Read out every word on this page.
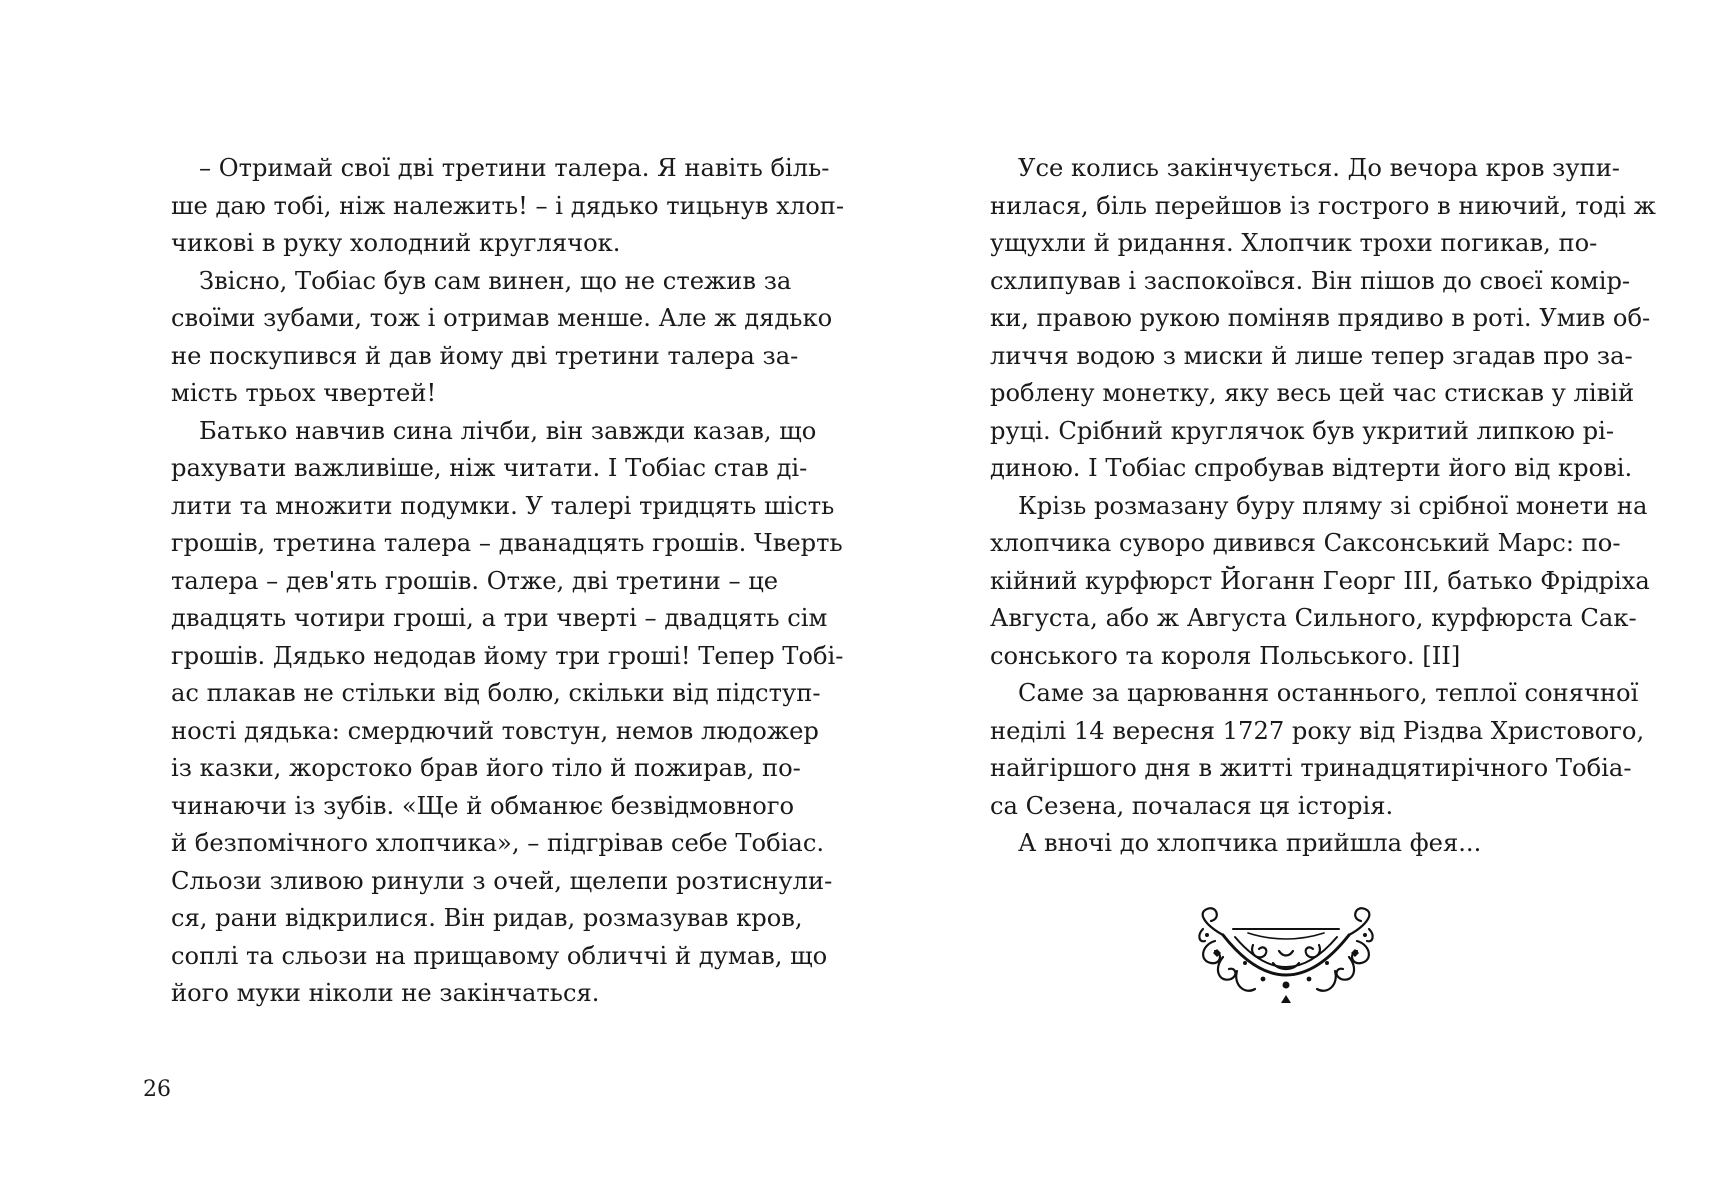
– Отримай свої дві третини талера. Я навіть біль-
ше даю тобі, ніж належить! – і дядько тицьнув хлоп-
чикові в руку холодний круглячок.

Звісно, Тобіас був сам винен, що не стежив за
своїми зубами, тож і отримав менше. Але ж дядько
не поскупився й дав йому дві третини талера за-
мість трьох чвертей!

Батько навчив сина лічби, він завжди казав, що
рахувати важливіше, ніж читати. І Тобіас став ді-
лити та множити подумки. У талері тридцять шість
грошів, третина талера – дванадцять грошів. Чверть
талера – дев'ять грошів. Отже, дві третини – це
двадцять чотири гроші, а три чверті – двадцять сім
грошів. Дядько недодав йому три гроші! Тепер Тобі-
ас плакав не стільки від болю, скільки від підступ-
ності дядька: смердючий товстун, немов людожер
із казки, жорстоко брав його тіло й пожирав, по-
чинаючи із зубів. «Ще й обманює безвідмовного
й безпомічного хлопчика», – підгрівав себе Тобіас.
Сльози зливою ринули з очей, щелепи розтиснули-
ся, рани відкрилися. Він ридав, розмазував кров,
соплі та сльози на прищавому обличчі й думав, що
його муки ніколи не закінчаться.

26

Усе колись закінчується. До вечора кров зупи-
нилася, біль перейшов із гострого в ниючий, тоді ж
ущухли й ридання. Хлопчик трохи погикав, по-
схлипував і заспокоївся. Він пішов до своєї комір-
ки, правою рукою поміняв прядиво в роті. Умив об-
личчя водою з миски й лише тепер згадав про за-
роблену монетку, яку весь цей час стискав у лівій
руці. Срібний круглячок був укритий липкою рі-
диною. І Тобіас спробував відтерти його від крові.

Крізь розмазану буру пляму зі срібної монети на
хлопчика суворо дивився Саксонський Марс: по-
кійний курфюрст Йоганн Георг III, батько Фрідріха
Августа, або ж Августа Сильного, курфюрста Сак-
сонського та короля Польського. [II]

Саме за царювання останнього, теплої сонячної
неділі 14 вересня 1727 року від Різдва Христового,
найгіршого дня в житті тринадцятирічного Тобіа-
са Сезена, почалася ця історія.

А вночі до хлопчика прийшла фея...
